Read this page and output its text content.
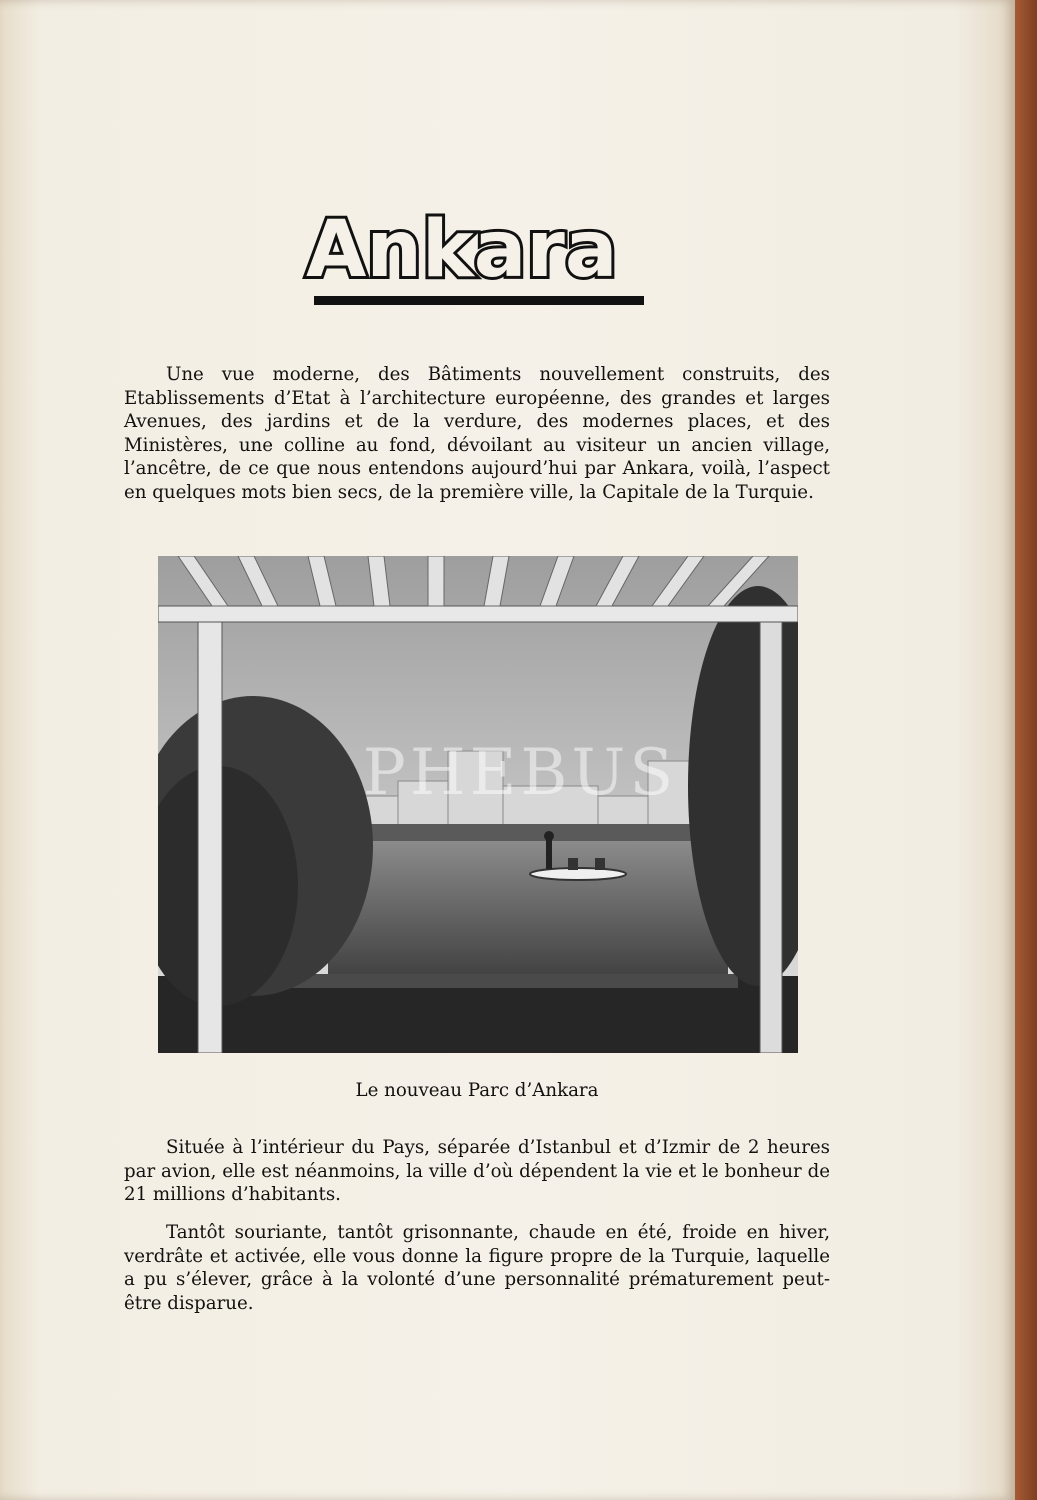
Ankara

Une vue moderne, des Bâtiments nouvellement construits, des Etablissements d’Etat à l’architecture européenne, des grandes et larges Avenues, des jardins et de la verdure, des modernes places, et des Ministères, une colline au fond, dévoilant au visiteur un ancien village, l’ancêtre, de ce que nous entendons aujourd’hui par Ankara, voilà, l’aspect en quelques mots bien secs, de la première ville, la Capitale de la Turquie.

PHEBUS

Le nouveau Parc d’Ankara

Située à l’intérieur du Pays, séparée d’Istanbul et d’Izmir de 2 heures par avion, elle est néanmoins, la ville d’où dépendent la vie et le bonheur de 21 millions d’habitants.

Tantôt souriante, tantôt grisonnante, chaude en été, froide en hiver, verdrâte et activée, elle vous donne la figure propre de la Turquie, laquelle a pu s’élever, grâce à la volonté d’une personnalité prématurement peut-être disparue.
